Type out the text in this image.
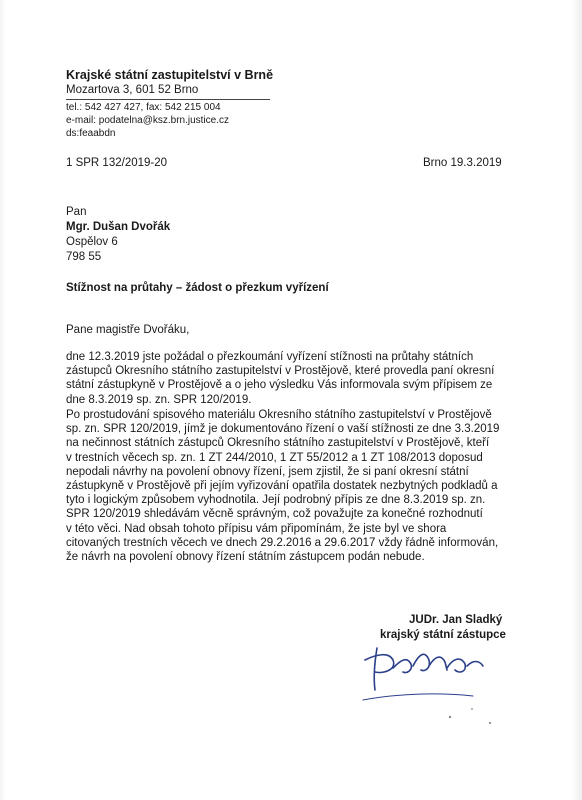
Krajské státní zastupitelství v Brně
Mozartova 3, 601 52 Brno
tel.: 542 427 427, fax: 542 215 004
e-mail: podatelna@ksz.brn.justice.cz
ds:feaabdn
1 SPR 132/2019-20	Brno 19.3.2019
Pan
Mgr. Dušan Dvořák
Ospělov 6
798 55
Stížnost na průtahy – žádost o přezkum vyřízení
Pane magistře Dvořáku,
dne 12.3.2019 jste požádal o přezkoumání vyřízení stížnosti na průtahy státních
zástupců Okresního státního zastupitelství v Prostějově, které provedla paní okresní
státní zástupkyně v Prostějově a o jeho výsledku Vás informovala svým přípisem ze
dne 8.3.2019 sp. zn. SPR 120/2019.
Po prostudování spisového materiálu Okresního státního zastupitelství v Prostějově
sp. zn. SPR 120/2019, jímž je dokumentováno řízení o vaší stížnosti ze dne 3.3.2019
na nečinnost státních zástupců Okresního státního zastupitelství v Prostějově, kteří
v trestních věcech sp. zn. 1 ZT 244/2010, 1 ZT 55/2012 a 1 ZT 108/2013 doposud
nepodali návrhy na povolení obnovy řízení, jsem zjistil, že si paní okresní státní
zástupkyně v Prostějově při jejím vyřizování opatřila dostatek nezbytných podkladů a
tyto i logickým způsobem vyhodnotila. Její podrobný přípis ze dne 8.3.2019 sp. zn.
SPR 120/2019 shledávám věcně správným, což považujte za konečné rozhodnutí
v této věci. Nad obsah tohoto přípisu vám připomínám, že jste byl ve shora
citovaných trestních věcech ve dnech 29.2.2016 a 29.6.2017 vždy řádně informován,
že návrh na povolení obnovy řízení státním zástupcem podán nebude.
JUDr. Jan Sladký
krajský státní zástupce
